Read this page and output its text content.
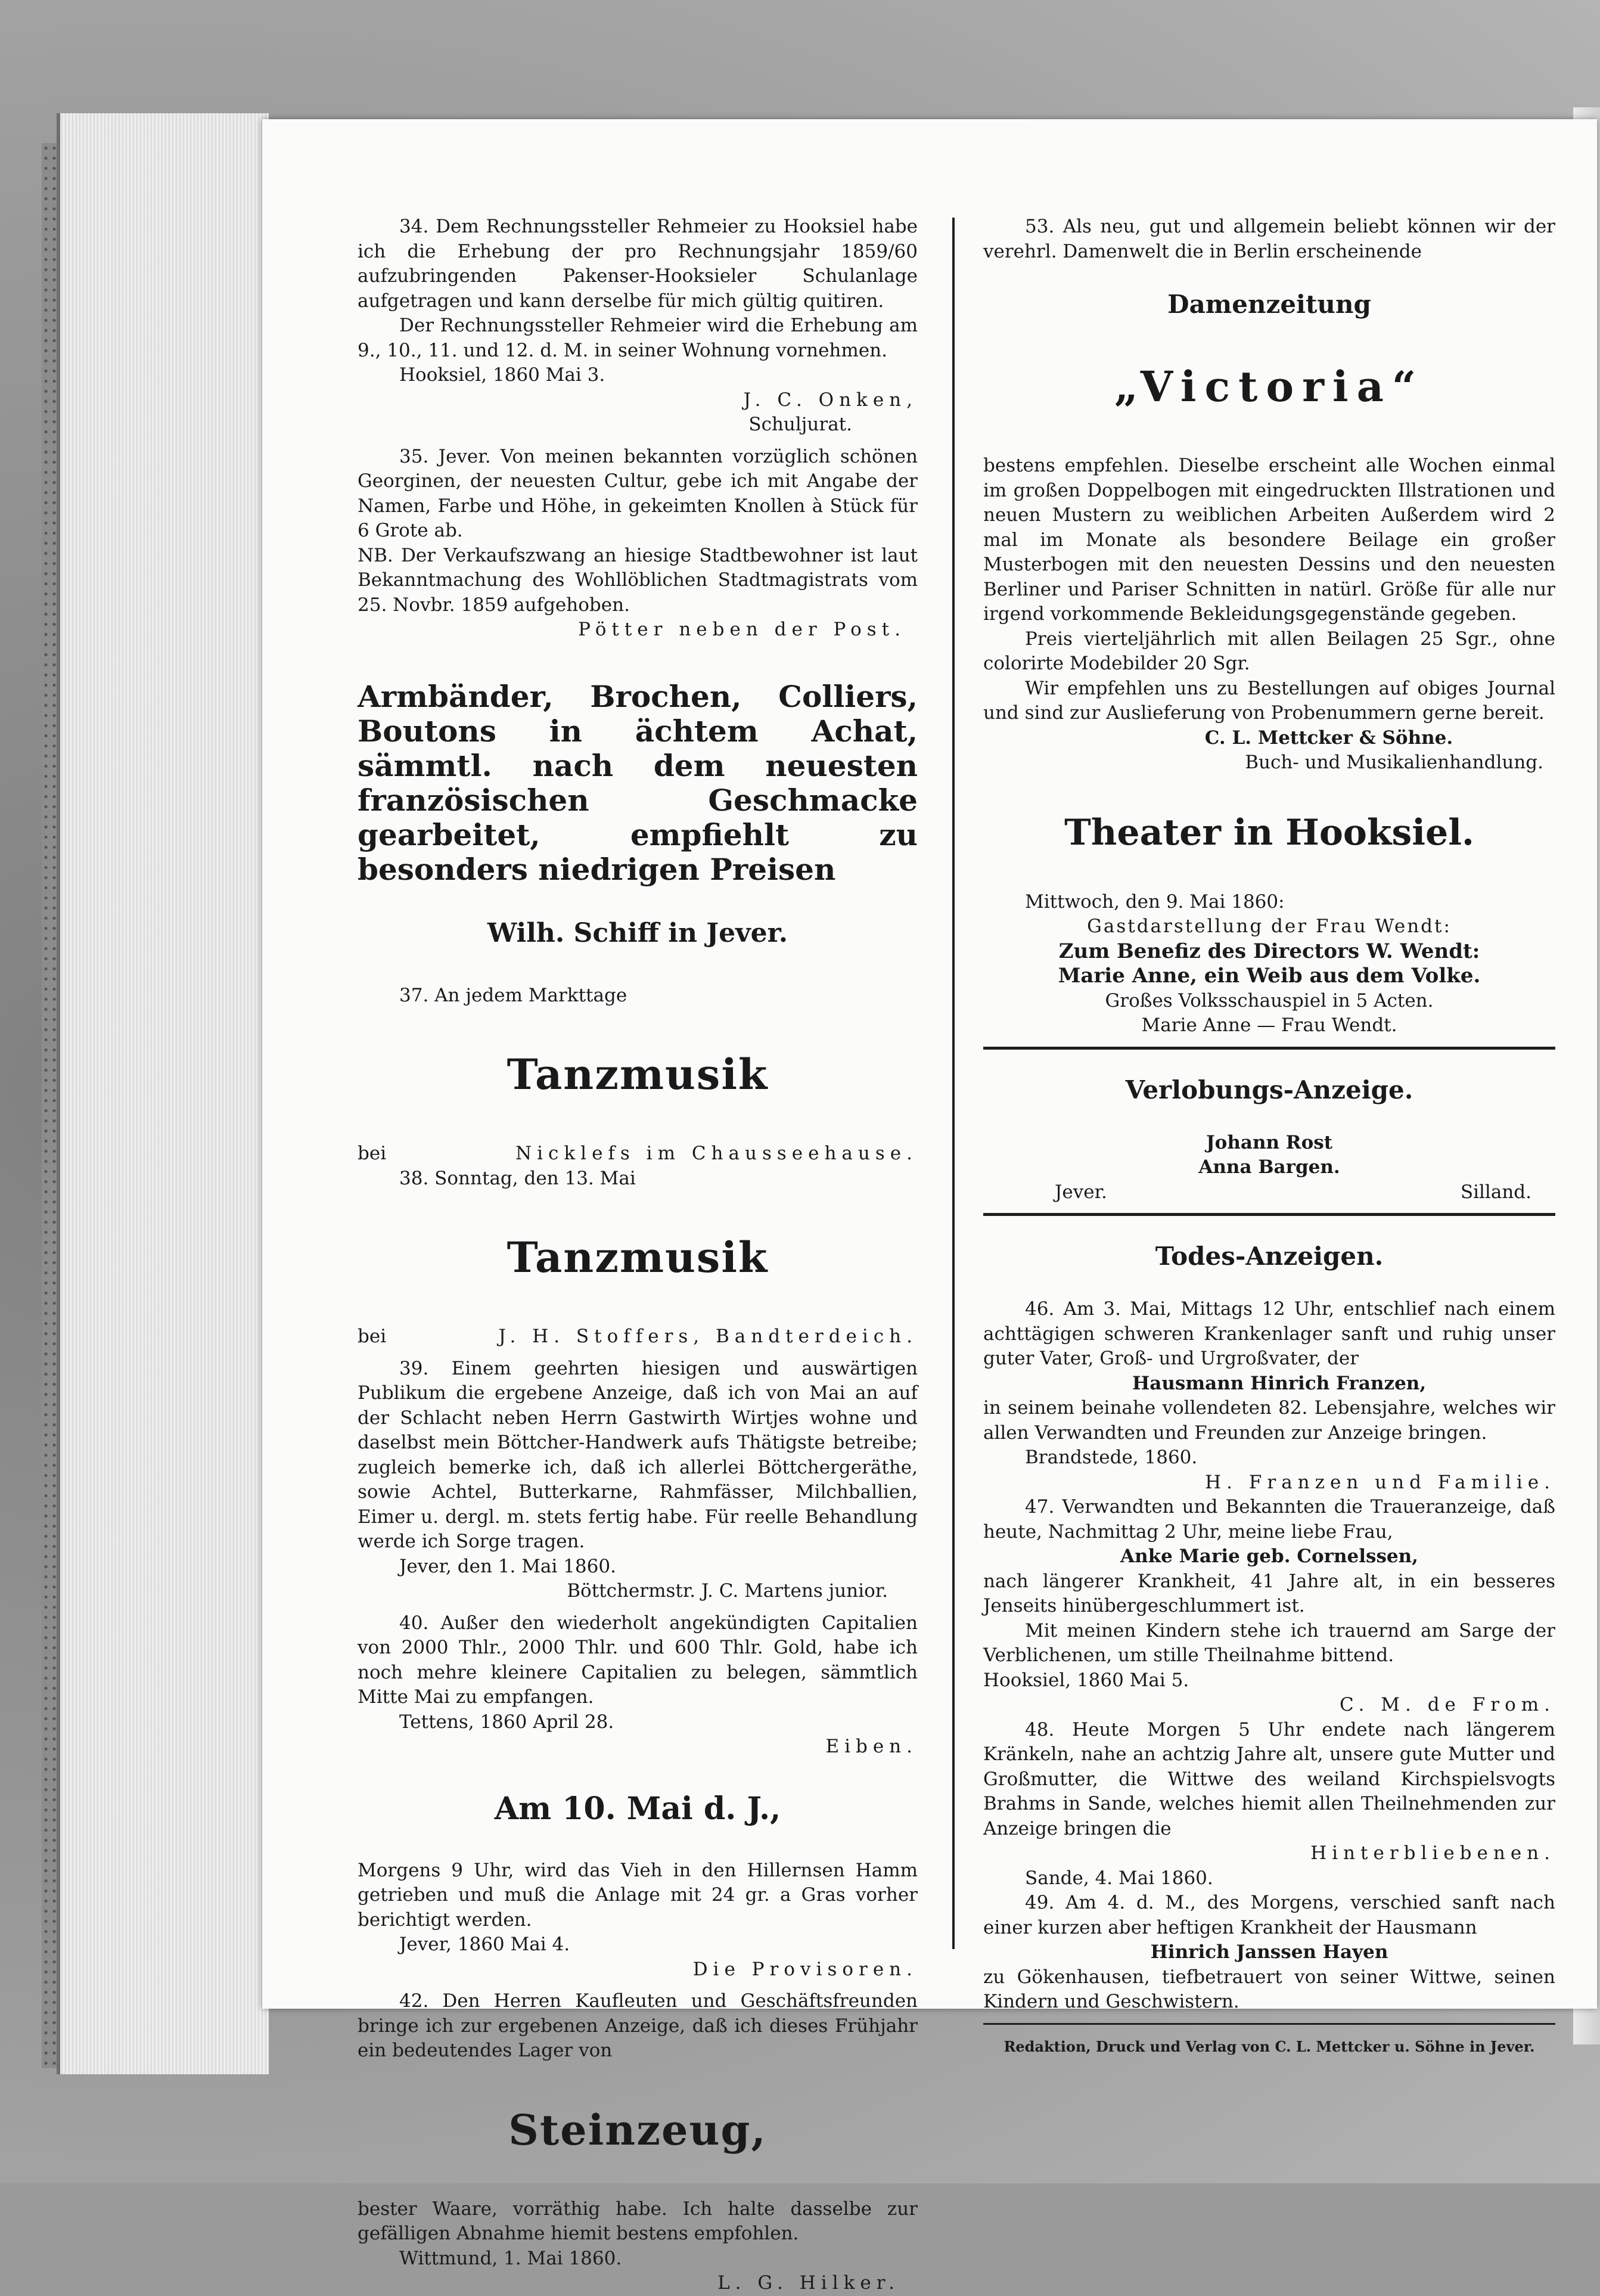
34. Dem Rechnungssteller Rehmeier zu Hooksiel habe ich die Erhebung der pro Rechnungsjahr 1859/60 aufzubringenden Pakenser-Hooksieler Schulanlage aufgetragen und kann derselbe für mich gültig quitiren.

Der Rechnungssteller Rehmeier wird die Erhebung am 9., 10., 11. und 12. d. M. in seiner Wohnung vornehmen.

Hooksiel, 1860 Mai 3.

J. C. Onken,

Schuljurat.

35. Jever. Von meinen bekannten vorzüglich schönen Georginen, der neuesten Cultur, gebe ich mit Angabe der Namen, Farbe und Höhe, in gekeimten Knollen à Stück für 6 Grote ab.

NB. Der Verkaufszwang an hiesige Stadtbewohner ist laut Bekanntmachung des Wohllöblichen Stadtmagistrats vom 25. Novbr. 1859 aufgehoben.

Pötter neben der Post.

Armbänder, Brochen, Colliers, Boutons in ächtem Achat, sämmtl. nach dem neuesten französischen Geschmacke gearbeitet, empfiehlt zu besonders niedrigen Preisen

Wilh. Schiff in Jever.

37. An jedem Markttage

Tanzmusik

bei	Nicklefs im Chausseehause.

38. Sonntag, den 13. Mai

Tanzmusik

bei	J. H. Stoffers, Bandterdeich.

39. Einem geehrten hiesigen und auswärtigen Publikum die ergebene Anzeige, daß ich von Mai an auf der Schlacht neben Herrn Gastwirth Wirtjes wohne und daselbst mein Böttcher-Handwerk aufs Thätigste betreibe; zugleich bemerke ich, daß ich allerlei Böttchergeräthe, sowie Achtel, Butterkarne, Rahmfässer, Milchballien, Eimer u. dergl. m. stets fertig habe. Für reelle Behandlung werde ich Sorge tragen.

Jever, den 1. Mai 1860.

Böttchermstr. J. C. Martens junior.

40. Außer den wiederholt angekündigten Capitalien von 2000 Thlr., 2000 Thlr. und 600 Thlr. Gold, habe ich noch mehre kleinere Capitalien zu belegen, sämmtlich Mitte Mai zu empfangen.

Tettens, 1860 April 28.

Eiben.

Am 10. Mai d. J.,

Morgens 9 Uhr, wird das Vieh in den Hillernsen Hamm getrieben und muß die Anlage mit 24 gr. a Gras vorher berichtigt werden.

Jever, 1860 Mai 4.

Die Provisoren.

42. Den Herren Kaufleuten und Geschäftsfreunden bringe ich zur ergebenen Anzeige, daß ich dieses Frühjahr ein bedeutendes Lager von

Steinzeug,

bester Waare, vorräthig habe. Ich halte dasselbe zur gefälligen Abnahme hiemit bestens empfohlen.

Wittmund, 1. Mai 1860.

L. G. Hilker.

53. Als neu, gut und allgemein beliebt können wir der verehrl. Damenwelt die in Berlin erscheinende

Damenzeitung

„Victoria“

bestens empfehlen. Dieselbe erscheint alle Wochen einmal im großen Doppelbogen mit eingedruckten Illstrationen und neuen Mustern zu weiblichen Arbeiten Außerdem wird 2 mal im Monate als besondere Beilage ein großer Musterbogen mit den neuesten Dessins und den neuesten Berliner und Pariser Schnitten in natürl. Größe für alle nur irgend vorkommende Bekleidungsgegenstände gegeben.

Preis vierteljährlich mit allen Beilagen 25 Sgr., ohne colorirte Modebilder 20 Sgr.

Wir empfehlen uns zu Bestellungen auf obiges Journal und sind zur Auslieferung von Probenummern gerne bereit.

C. L. Mettcker & Söhne.

Buch- und Musikalienhandlung.

Theater in Hooksiel.

Mittwoch, den 9. Mai 1860:

Gastdarstellung der Frau Wendt:

Zum Benefiz des Directors W. Wendt:

Marie Anne, ein Weib aus dem Volke.

Großes Volksschauspiel in 5 Acten.

Marie Anne — Frau Wendt.

Verlobungs-Anzeige.

Johann Rost

Anna Bargen.

Jever.	Silland.

Todes-Anzeigen.

46. Am 3. Mai, Mittags 12 Uhr, entschlief nach einem achttägigen schweren Krankenlager sanft und ruhig unser guter Vater, Groß- und Urgroßvater, der

Hausmann Hinrich Franzen,

in seinem beinahe vollendeten 82. Lebensjahre, welches wir allen Verwandten und Freunden zur Anzeige bringen.

Brandstede, 1860.

H. Franzen und Familie.

47. Verwandten und Bekannten die Traueranzeige, daß heute, Nachmittag 2 Uhr, meine liebe Frau,

Anke Marie geb. Cornelssen,

nach längerer Krankheit, 41 Jahre alt, in ein besseres Jenseits hinübergeschlummert ist.

Mit meinen Kindern stehe ich trauernd am Sarge der Verblichenen, um stille Theilnahme bittend.

Hooksiel, 1860 Mai 5.

C. M. de From.

48. Heute Morgen 5 Uhr endete nach längerem Kränkeln, nahe an achtzig Jahre alt, unsere gute Mutter und Großmutter, die Wittwe des weiland Kirchspielsvogts Brahms in Sande, welches hiemit allen Theilnehmenden zur Anzeige bringen die

Hinterbliebenen.

Sande, 4. Mai 1860.

49. Am 4. d. M., des Morgens, verschied sanft nach einer kurzen aber heftigen Krankheit der Hausmann

Hinrich Janssen Hayen

zu Gökenhausen, tiefbetrauert von seiner Wittwe, seinen Kindern und Geschwistern.

Redaktion, Druck und Verlag von C. L. Mettcker u. Söhne in Jever.
